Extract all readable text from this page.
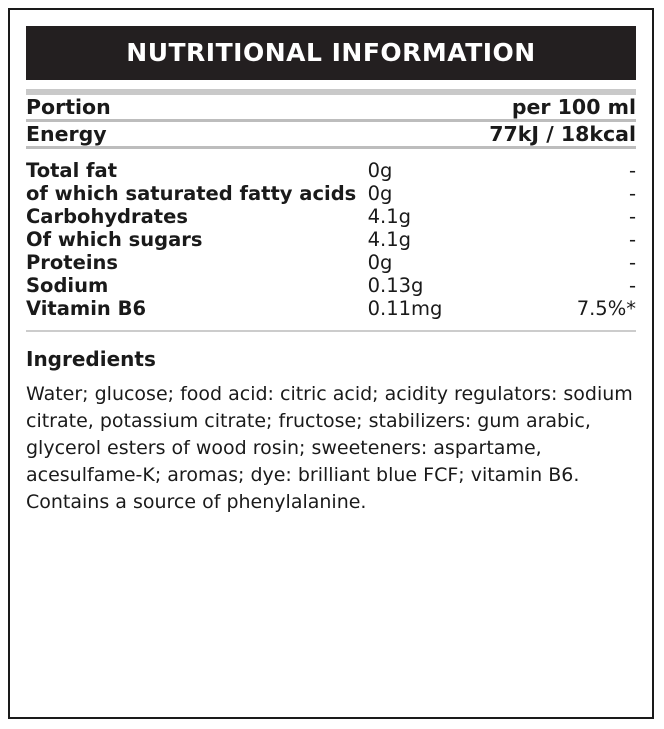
NUTRITIONAL INFORMATION
Portion	per 100 ml
Energy	77kJ / 18kcal
Total fat	0g	-
of which saturated fatty acids	0g	-
Carbohydrates	4.1g	-
Of which sugars	4.1g	-
Proteins	0g	-
Sodium	0.13g	-
Vitamin B6	0.11mg	7.5%*
Ingredients
Water; glucose; food acid: citric acid; acidity regulators: sodium citrate, potassium citrate; fructose; stabilizers: gum arabic, glycerol esters of wood rosin; sweeteners: aspartame, acesulfame-K; aromas; dye: brilliant blue FCF; vitamin B6. Contains a source of phenylalanine.
